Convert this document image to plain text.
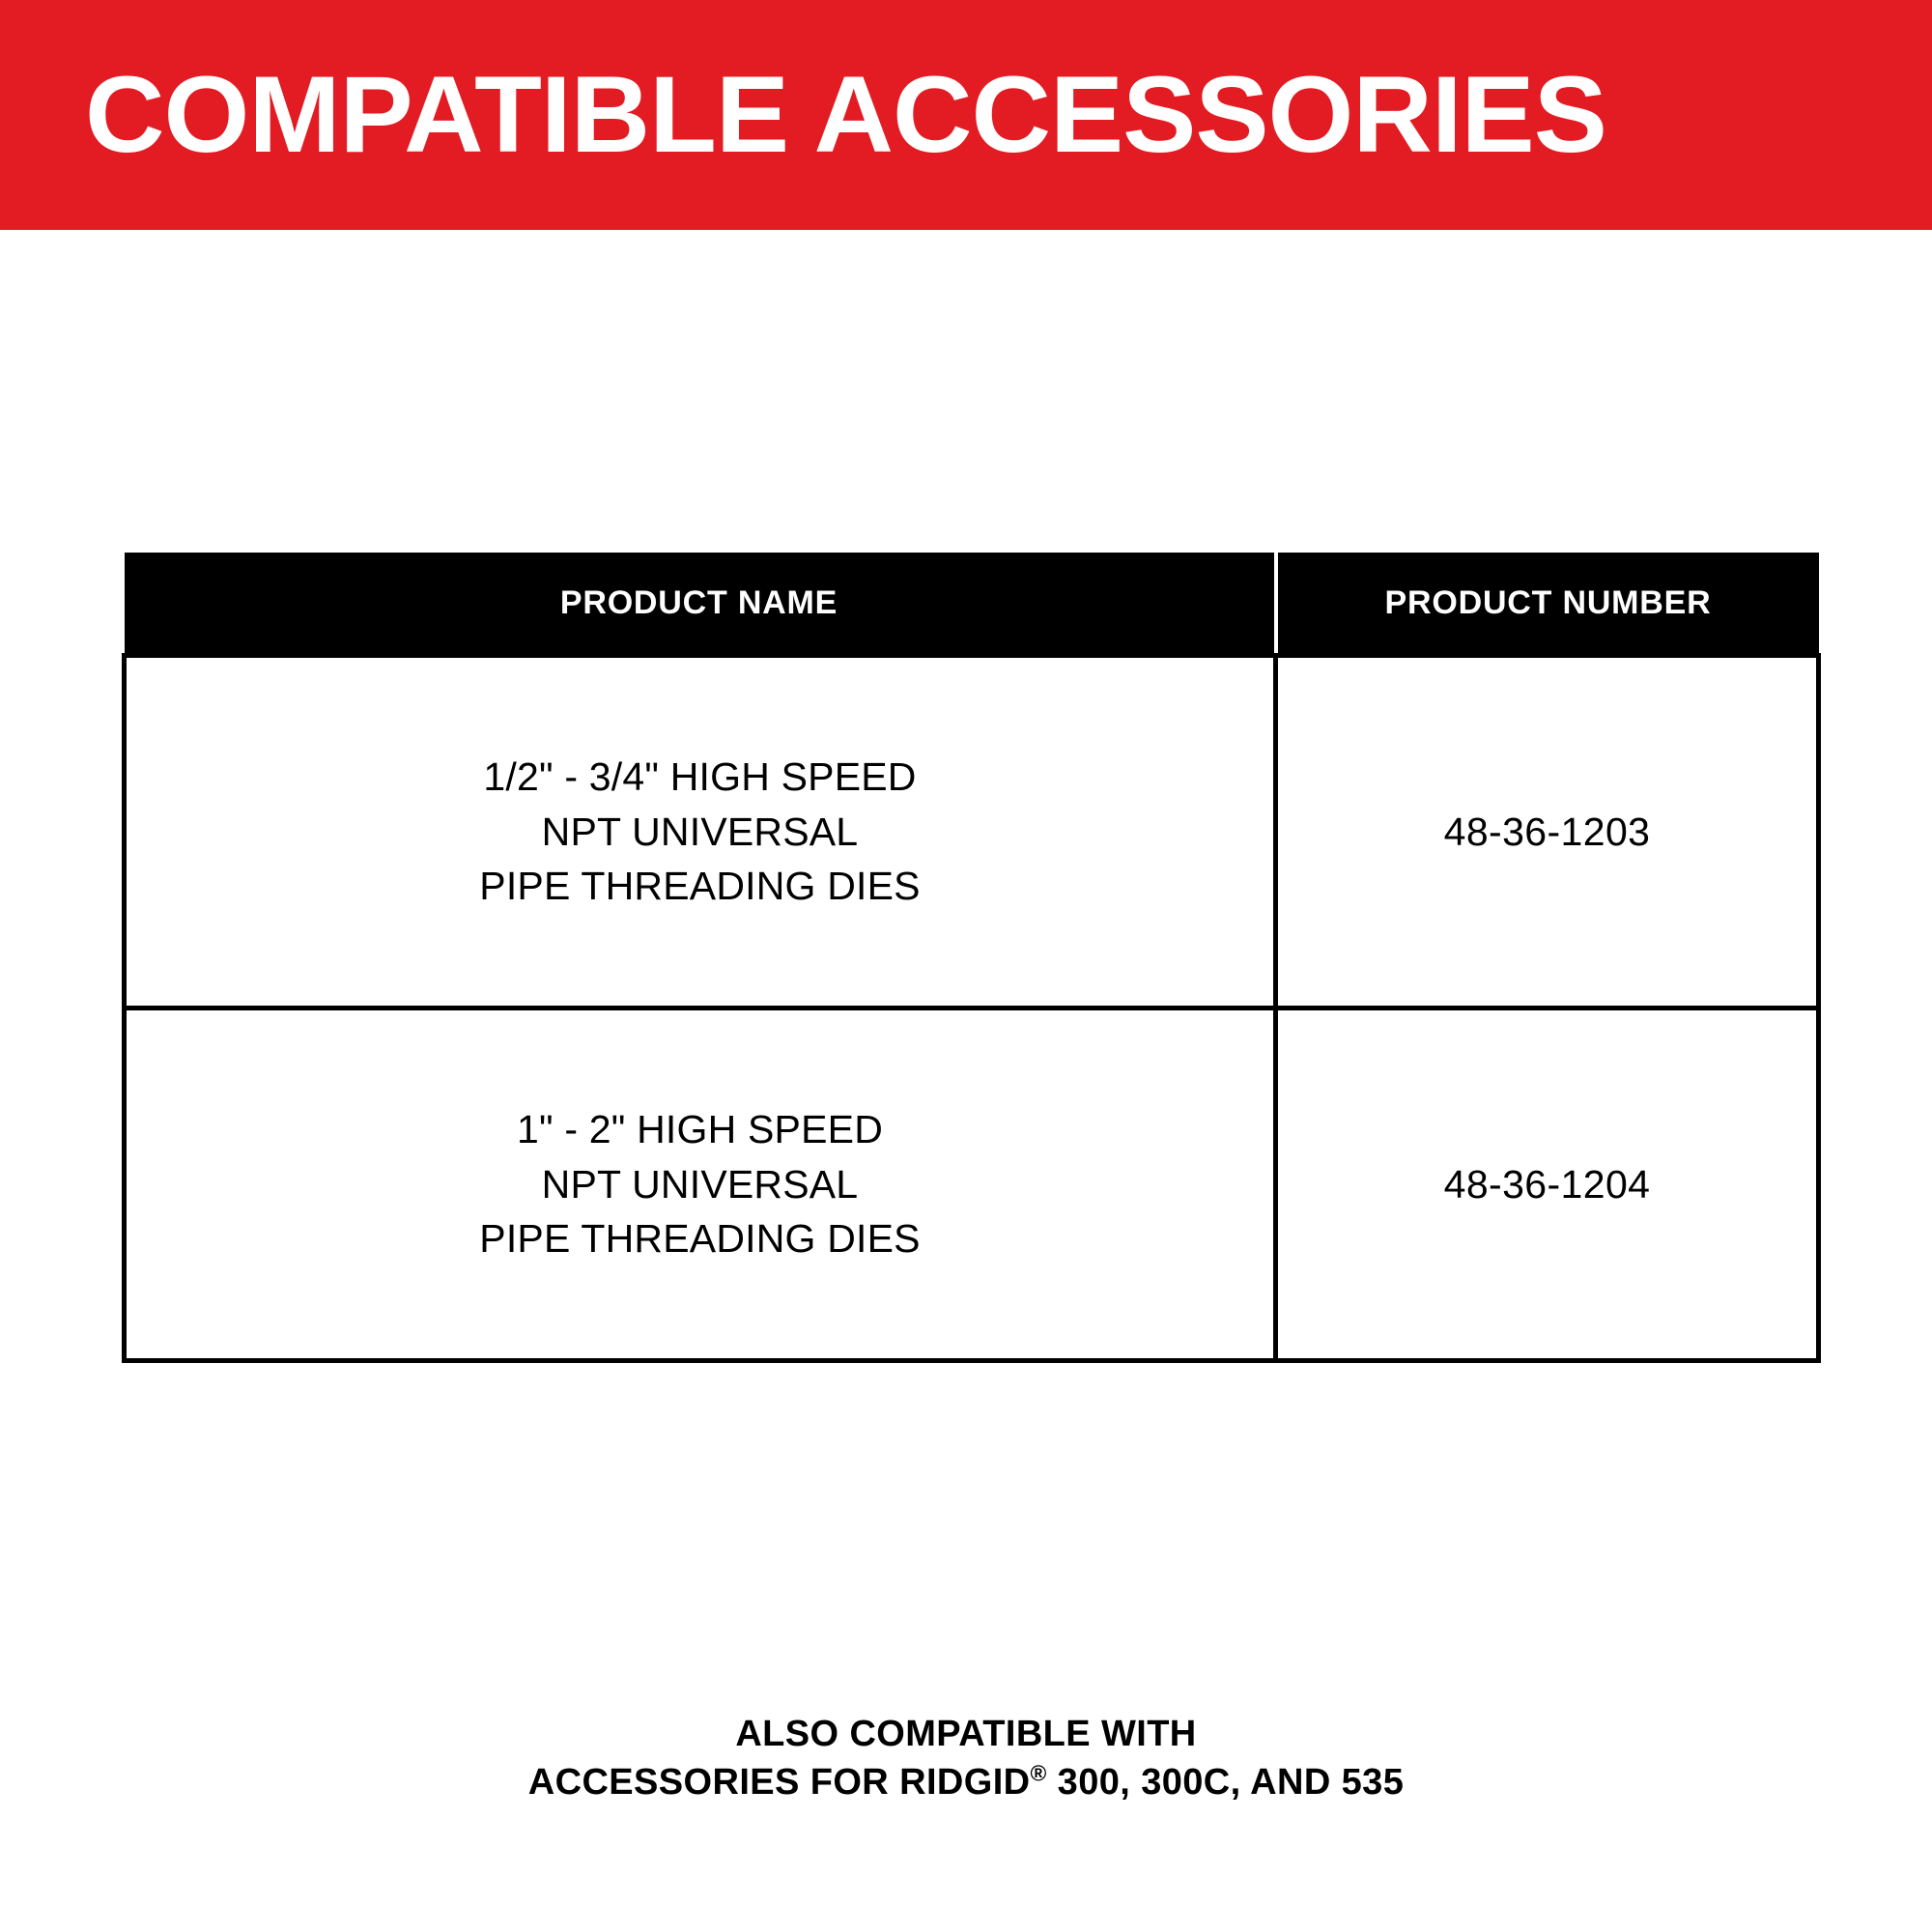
COMPATIBLE ACCESSORIES
PRODUCT NAME	PRODUCT NUMBER

1/2" - 3/4" HIGH SPEED
NPT UNIVERSAL
PIPE THREADING DIES	48-36-1203

1" - 2" HIGH SPEED
NPT UNIVERSAL
PIPE THREADING DIES	48-36-1204
ALSO COMPATIBLE WITH
ACCESSORIES FOR RIDGID® 300, 300C, AND 535
